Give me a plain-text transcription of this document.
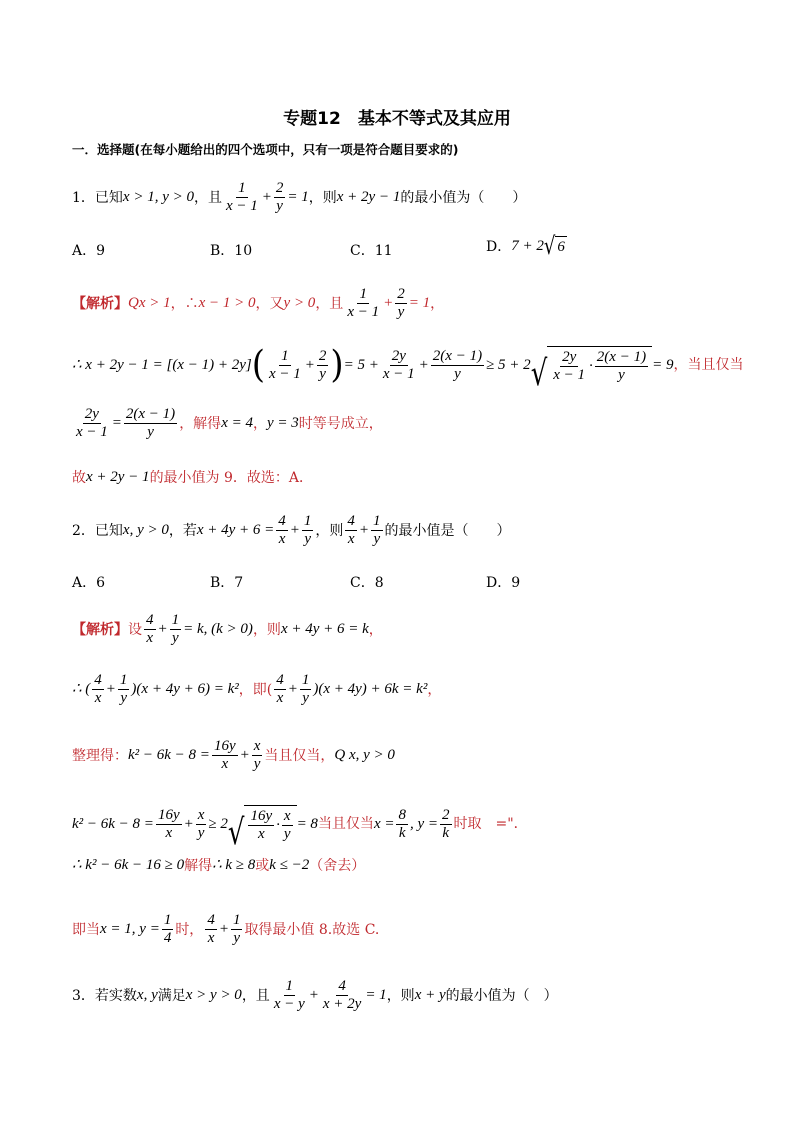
专题12　基本不等式及其应用
一．选择题(在每小题给出的四个选项中，只有一项是符合题目要求的)
1．已知 x > 1, y > 0 ，且 $\frac{1}{x - 1} + \frac{2}{y} = 1$ ，则 x + 2y − 1 的最小值为（　　）
A．9	B．10	C．11	D． 7 + 2 √ 6
【解析】 Q x > 1 ，∴ x − 1 > 0 ，又 y > 0 ，且 $\frac{1}{x - 1} + \frac{2}{y} = 1$ ，
∴ x + 2y − 1 = [(x − 1) + 2y] ( $\frac{1}{x - 1} + \frac{2}{y}$ ) = $5 + \frac{2y}{x - 1} + \frac{2(x - 1)}{y} \ge 5 + 2$ √ $\frac{2y}{x - 1} \cdot \frac{2(x - 1)}{y} = 9$ ，当且仅当
$\frac{2y}{x - 1} = \frac{2(x - 1)}{y}$ ，解得 x = 4 ， y = 3 时等号成立，
故 x + 2y − 1 的最小值为 9．故选：A．
2．已知 x, y > 0 ，若 $x + 4y + 6 = \frac{4}{x} + \frac{1}{y}$ ，则 $\frac{4}{x} + \frac{1}{y}$ 的最小值是（　　）
A．6	B．7	C．8	D．9
【解析】 设 $\frac{4}{x} + \frac{1}{y} = k$, (k > 0) ，则 x + 4y + 6 = k ，
∴ ( $\frac{4}{x} + \frac{1}{y} )(x + 4y + 6) = k^2$ ，即( $\frac{4}{x} + \frac{1}{y} )(x + 4y) + 6k = k^2$ ，
整理得： $k^2 - 6k - 8 = \frac{16y}{x} + \frac{x}{y}$ 当且仅当， Q x, y > 0
$k^2 - 6k - 8 = \frac{16y}{x} + \frac{x}{y} \ge 2$ √ $\frac{16y}{x} \cdot \frac{x}{y} = 8$ 当且仅当 $x = \frac{8}{k}$ , $y = \frac{2}{k}$ 时取　="．
∴ k² − 6k − 16 ≥ 0 解得 ∴ k ≥ 8 或 k ≤ −2 （舍去）
即当 x = 1, $y = \frac{1}{4}$ 时， $\frac{4}{x} + \frac{1}{y}$ 取得最小值 8.故选 C.
3．若实数 x, y 满足 x > y > 0 ，且 $\frac{1}{x - y} + \frac{4}{x + 2y} = 1$ ，则 x + y 的最小值为（　）
